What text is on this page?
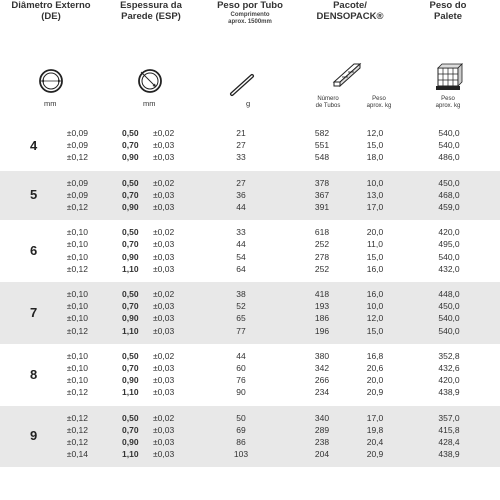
Diâmetro Externo
(DE)
mm
Espessura da
Parede (ESP)
mm
Peso por Tubo
Comprimento
aprox. 1500mm
g
Pacote/
DENSOPACK®
Número
de Tubos
Peso
aprox. kg
Peso do
Palete
Peso
aprox. kg
4
±0,09	0,50	±0,02	21	582	12,0	540,0
±0,09	0,70	±0,03	27	551	15,0	540,0
±0,12	0,90	±0,03	33	548	18,0	486,0
5
±0,09	0,50	±0,02	27	378	10,0	450,0
±0,09	0,70	±0,03	36	367	13,0	468,0
±0,12	0,90	±0,03	44	391	17,0	459,0
6
±0,10	0,50	±0,02	33	618	20,0	420,0
±0,10	0,70	±0,03	44	252	11,0	495,0
±0,10	0,90	±0,03	54	278	15,0	540,0
±0,12	1,10	±0,03	64	252	16,0	432,0
7
±0,10	0,50	±0,02	38	418	16,0	448,0
±0,10	0,70	±0,03	52	193	10,0	450,0
±0,10	0,90	±0,03	65	186	12,0	540,0
±0,12	1,10	±0,03	77	196	15,0	540,0
8
±0,10	0,50	±0,02	44	380	16,8	352,8
±0,10	0,70	±0,03	60	342	20,6	432,6
±0,10	0,90	±0,03	76	266	20,0	420,0
±0,12	1,10	±0,03	90	234	20,9	438,9
9
±0,12	0,50	±0,02	50	340	17,0	357,0
±0,12	0,70	±0,03	69	289	19,8	415,8
±0,12	0,90	±0,03	86	238	20,4	428,4
±0,14	1,10	±0,03	103	204	20,9	438,9
